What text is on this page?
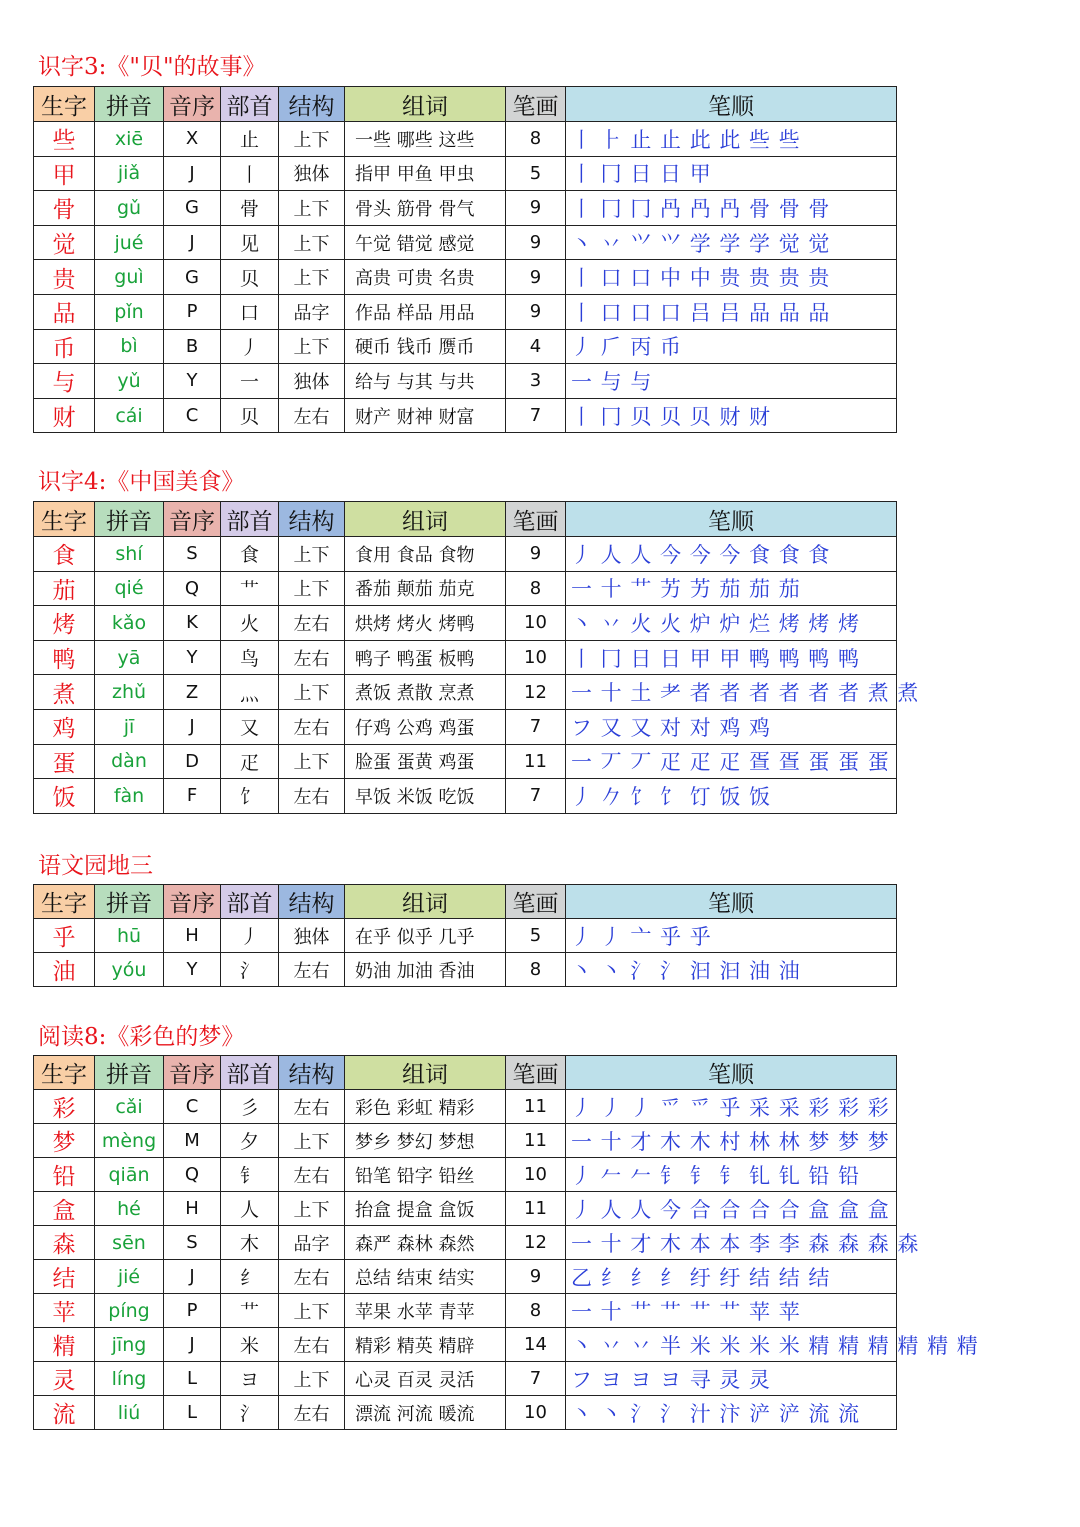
识字3:《"贝"的故事》
生字	拼音	音序	部首	结构	组词	笔画	笔顺
些	xiē	X	止	上下	一些 哪些 这些	8	丨 ⺊ 止 止 此 此 些 些
甲	jiǎ	J	丨	独体	指甲 甲鱼 甲虫	5	丨 冂 日 日 甲
骨	gǔ	G	骨	上下	骨头 筋骨 骨气	9	丨 冂 冂 冎 冎 冎 骨 骨 骨
觉	jué	J	见	上下	午觉 错觉 感觉	9	丶 丷 ⺍ ⺍ 学 学 学 觉 觉
贵	guì	G	贝	上下	高贵 可贵 名贵	9	丨 口 口 中 中 贵 贵 贵 贵
品	pǐn	P	口	品字	作品 样品 用品	9	丨 口 口 口 吕 吕 品 品 品
币	bì	B	丿	上下	硬币 钱币 赝币	4	丿 𠂆 丙 币
与	yǔ	Y	一	独体	给与 与其 与共	3	一 与 与
财	cái	C	贝	左右	财产 财神 财富	7	丨 冂 贝 贝 贝 财 财
识字4:《中国美食》
生字	拼音	音序	部首	结构	组词	笔画	笔顺
食	shí	S	食	上下	食用 食品 食物	9	丿 人 人 今 今 今 食 食 食
茄	qié	Q	艹	上下	番茄 颠茄 茄克	8	一 十 艹 艻 艻 茄 茄 茄
烤	kǎo	K	火	左右	烘烤 烤火 烤鸭	10	丶 丷 火 火 炉 炉 烂 烤 烤 烤
鸭	yā	Y	鸟	左右	鸭子 鸭蛋 板鸭	10	丨 冂 日 日 甲 甲 鸭 鸭 鸭 鸭
煮	zhǔ	Z	灬	上下	煮饭 煮散 烹煮	12	一 十 土 耂 者 者 者 者 者 者 煮 煮
鸡	jī	J	又	左右	仔鸡 公鸡 鸡蛋	7	フ 又 又 对 对 鸡 鸡
蛋	dàn	D	疋	上下	脸蛋 蛋黄 鸡蛋	11	一 丆 丆 疋 疋 疋 疍 疍 蛋 蛋 蛋
饭	fàn	F	饣	左右	早饭 米饭 吃饭	7	丿 𠂊 饣 饣 饤 饭 饭
语文园地三
生字	拼音	音序	部首	结构	组词	笔画	笔顺
乎	hū	H	丿	独体	在乎 似乎 几乎	5	丿 丿 亠 乎 乎
油	yóu	Y	氵	左右	奶油 加油 香油	8	丶 丶 氵 氵 汩 汩 油 油
阅读8:《彩色的梦》
生字	拼音	音序	部首	结构	组词	笔画	笔顺
彩	cǎi	C	彡	左右	彩色 彩虹 精彩	11	丿 丿 丿 爫 爫 乎 采 采 彩 彩 彩
梦	mèng	M	夕	上下	梦乡 梦幻 梦想	11	一 十 才 木 木 村 林 林 梦 梦 梦
铅	qiān	Q	钅	左右	铅笔 铅字 铅丝	10	丿 𠂉 𠂉 钅 钅 钅 钆 钆 铅 铅
盒	hé	H	人	上下	抬盒 提盒 盒饭	11	丿 人 人 今 合 合 合 合 盒 盒 盒
森	sēn	S	木	品字	森严 森林 森然	12	一 十 才 木 本 本 李 李 森 森 森 森
结	jié	J	纟	左右	总结 结束 结实	9	乙 纟 纟 纟 纡 纡 结 结 结
苹	píng	P	艹	上下	苹果 水苹 青苹	8	一 十 艹 艹 艹 艹 苹 苹
精	jīng	J	米	左右	精彩 精英 精辟	14	丶 丷 丷 半 米 米 米 米 精 精 精 精 精 精
灵	líng	L	ヨ	上下	心灵 百灵 灵活	7	フ ヨ ヨ ヨ 寻 灵 灵
流	liú	L	氵	左右	漂流 河流 暖流	10	丶 丶 氵 氵 汁 汴 浐 浐 流 流
